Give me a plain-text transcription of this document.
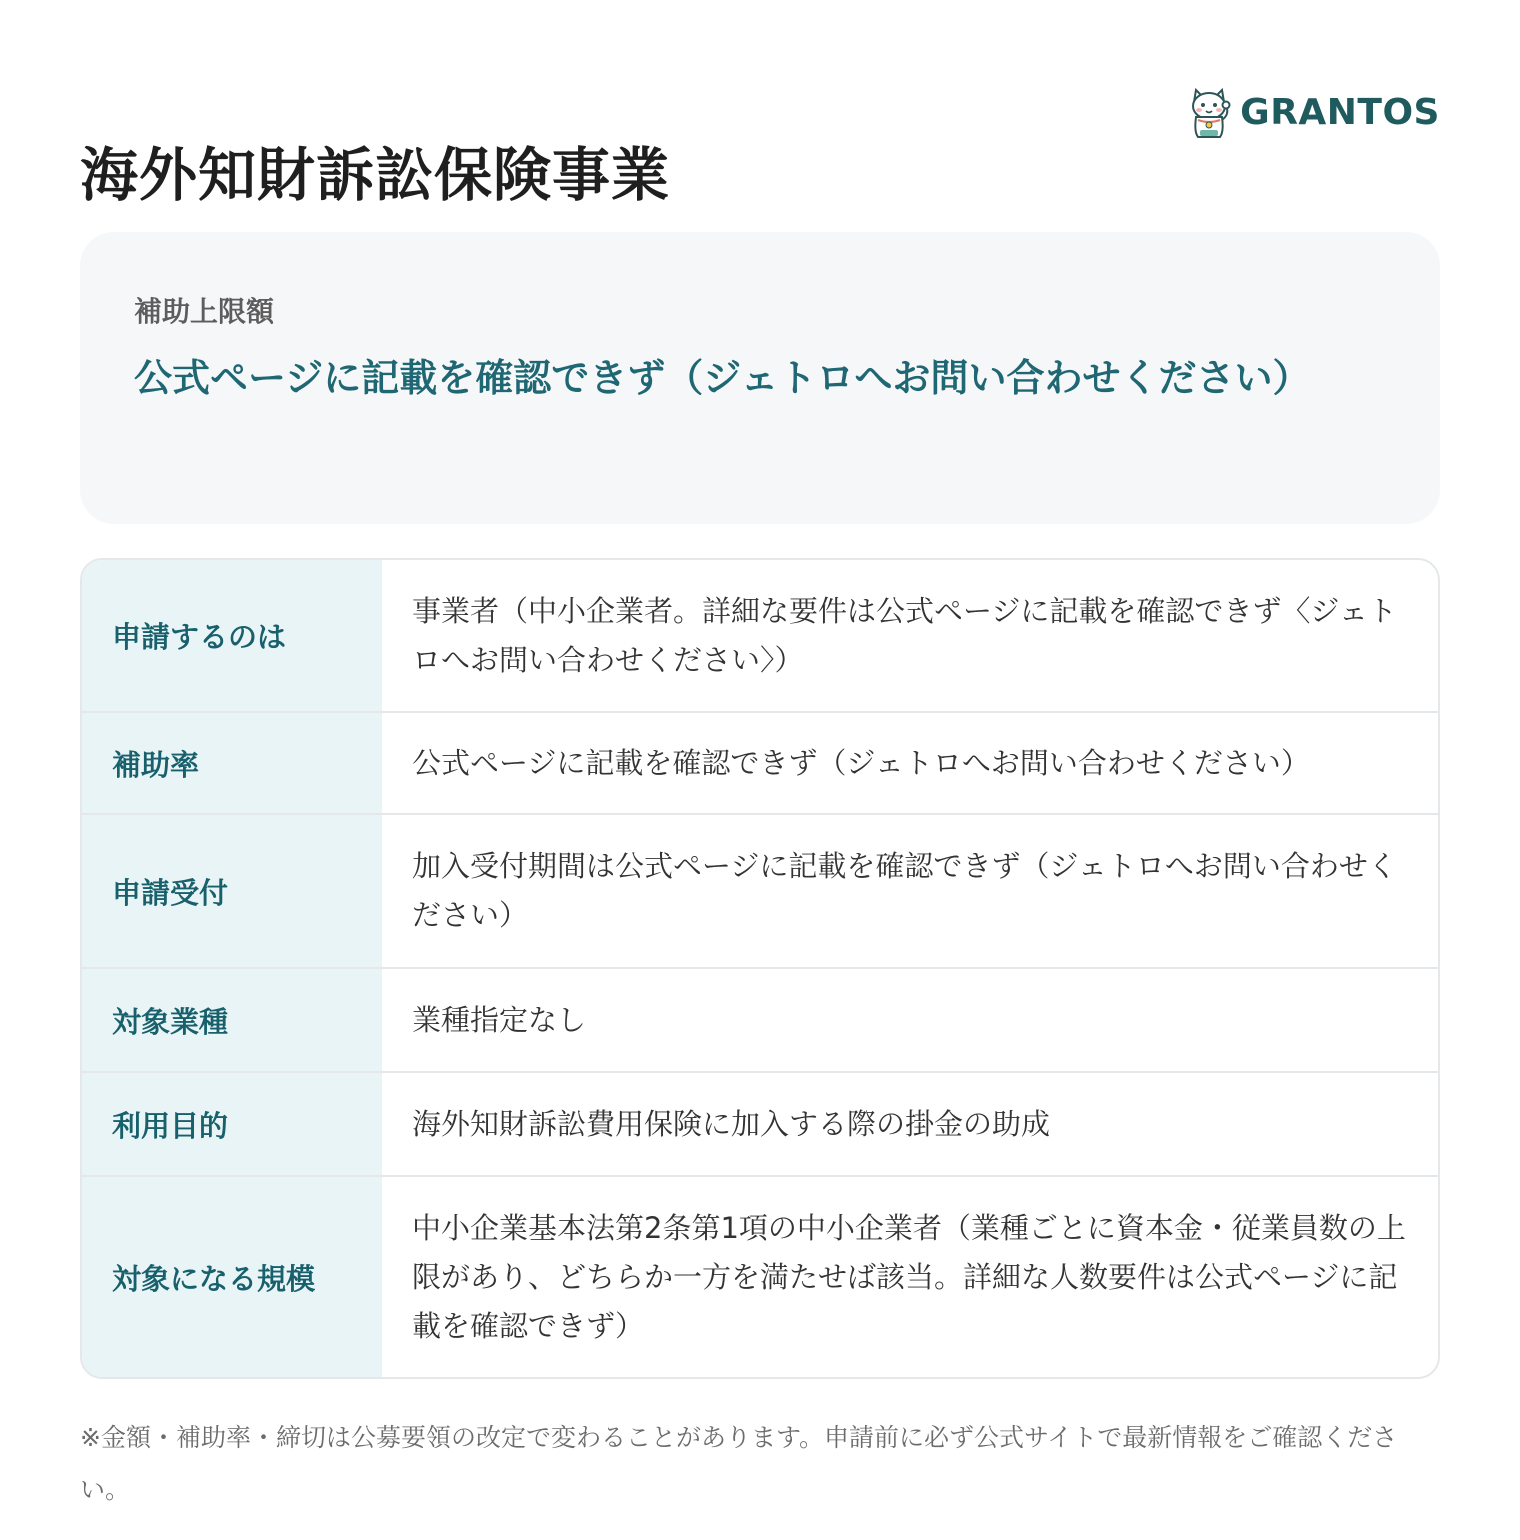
GRANTOS
海外知財訴訟保険事業

補助上限額

公式ページに記載を確認できず（ジェトロへお問い合わせください）

申請するのは	事業者（中小企業者。詳細な要件は公式ページに記載を確認できず〈ジェトロへお問い合わせください〉）
補助率	公式ページに記載を確認できず（ジェトロへお問い合わせください）
申請受付	加入受付期間は公式ページに記載を確認できず（ジェトロへお問い合わせください）
対象業種	業種指定なし
利用目的	海外知財訴訟費用保険に加入する際の掛金の助成
対象になる規模	中小企業基本法第2条第1項の中小企業者（業種ごとに資本金・従業員数の上限があり、どちらか一方を満たせば該当。詳細な人数要件は公式ページに記載を確認できず）

※金額・補助率・締切は公募要領の改定で変わることがあります。申請前に必ず公式サイトで最新情報をご確認ください。
